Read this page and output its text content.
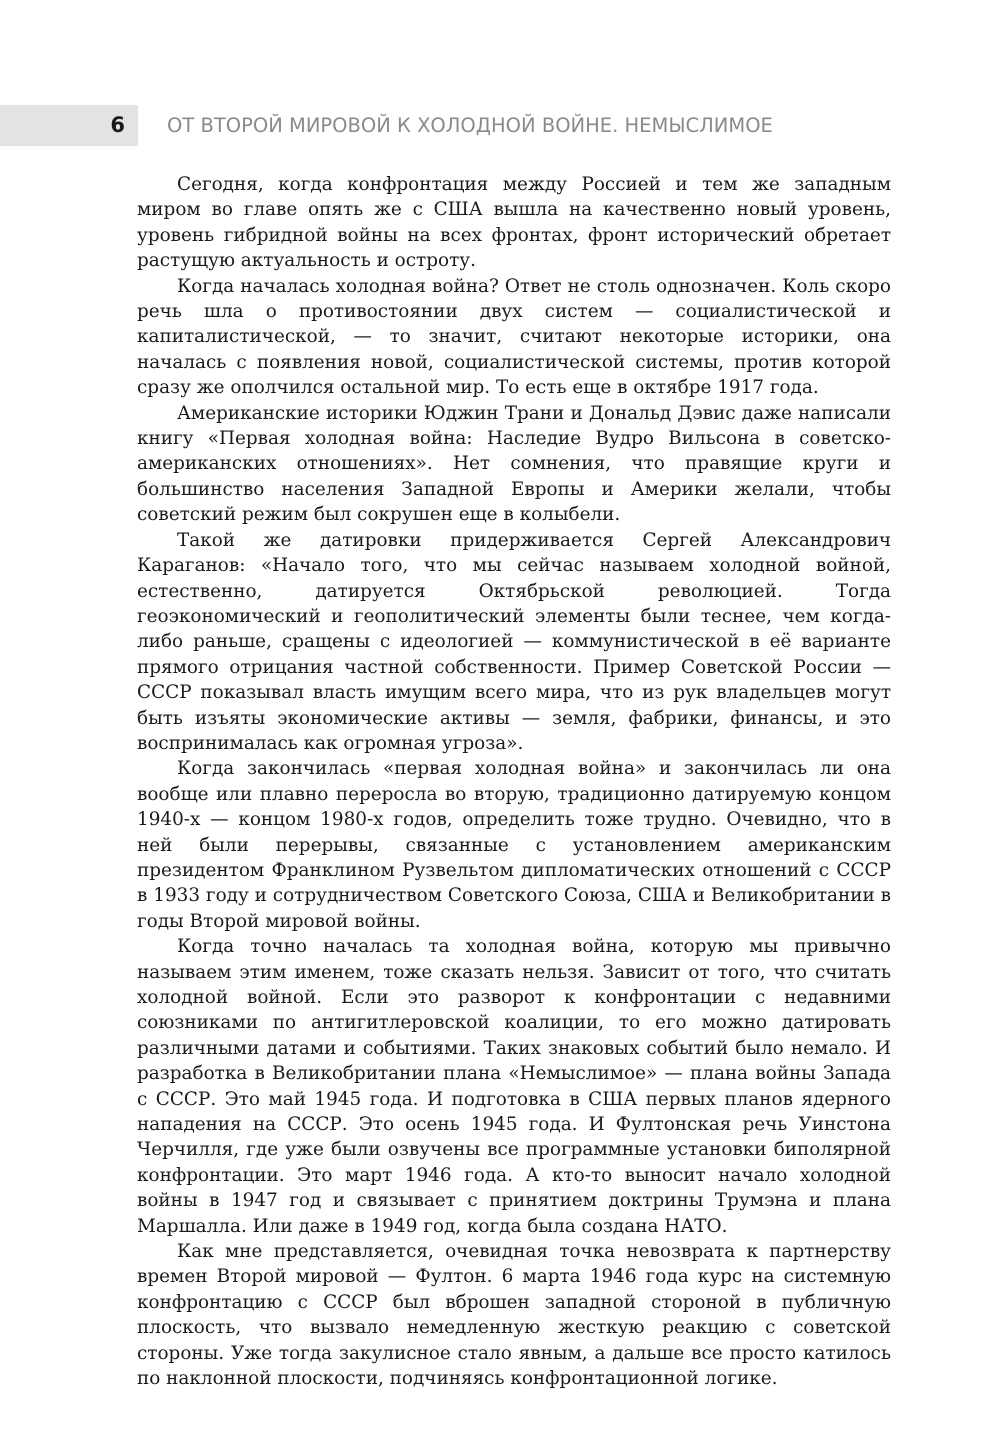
6 ОТ ВТОРОЙ МИРОВОЙ К ХОЛОДНОЙ ВОЙНЕ. НЕМЫСЛИМОЕ

Сегодня, когда конфронтация между Россией и тем же западным миром во главе опять же с США вышла на качественно новый уровень, уровень гибридной войны на всех фронтах, фронт исторический обретает растущую актуальность и остроту.

Когда началась холодная война? Ответ не столь однозначен. Коль скоро речь шла о противостоянии двух систем — социалистической и капиталистической, — то значит, считают некоторые историки, она началась с появления новой, социалистической системы, против которой сразу же ополчился остальной мир. То есть еще в октябре 1917 года.

Американские историки Юджин Трани и Дональд Дэвис даже написали книгу «Первая холодная война: Наследие Вудро Вильсона в советско-американских отношениях». Нет сомнения, что правящие круги и большинство населения Западной Европы и Америки желали, чтобы советский режим был сокрушен еще в колыбели.

Такой же датировки придерживается Сергей Александрович Караганов: «Начало того, что мы сейчас называем холодной войной, естественно, датируется Октябрьской революцией. Тогда геоэкономический и геополитический элементы были теснее, чем когда-либо раньше, сращены с идеологией — коммунистической в её варианте прямого отрицания частной собственности. Пример Советской России — СССР показывал власть имущим всего мира, что из рук владельцев могут быть изъяты экономические активы — земля, фабрики, финансы, и это воспринималась как огромная угроза».

Когда закончилась «первая холодная война» и закончилась ли она вообще или плавно переросла во вторую, традиционно датируемую концом 1940-х — концом 1980-х годов, определить тоже трудно. Очевидно, что в ней были перерывы, связанные с установлением американским президентом Франклином Рузвельтом дипломатических отношений с СССР в 1933 году и сотрудничеством Советского Союза, США и Великобритании в годы Второй мировой войны.

Когда точно началась та холодная война, которую мы привычно называем этим именем, тоже сказать нельзя. Зависит от того, что считать холодной войной. Если это разворот к конфронтации с недавними союзниками по антигитлеровской коалиции, то его можно датировать различными датами и событиями. Таких знаковых событий было немало. И разработка в Великобритании плана «Немыслимое» — плана войны Запада с СССР. Это май 1945 года. И подготовка в США первых планов ядерного нападения на СССР. Это осень 1945 года. И Фултонская речь Уинстона Черчилля, где уже были озвучены все программные установки биполярной конфронтации. Это март 1946 года. А кто-то выносит начало холодной войны в 1947 год и связывает с принятием доктрины Трумэна и плана Маршалла. Или даже в 1949 год, когда была создана НАТО.

Как мне представляется, очевидная точка невозврата к партнерству времен Второй мировой — Фултон. 6 марта 1946 года курс на системную конфронтацию с СССР был вброшен западной стороной в публичную плоскость, что вызвало немедленную жесткую реакцию с советской стороны. Уже тогда закулисное стало явным, а дальше все просто катилось по наклонной плоскости, подчиняясь конфронтационной логике.
